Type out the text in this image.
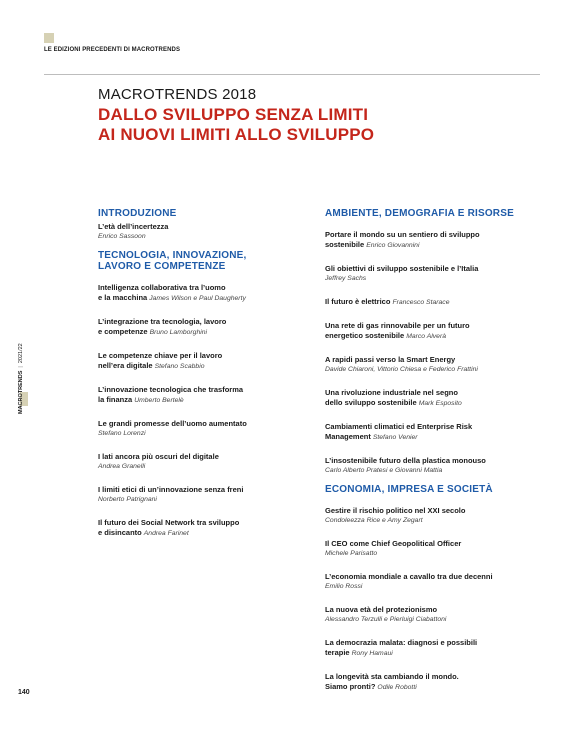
LE EDIZIONI PRECEDENTI DI MACROTRENDS
MACROTRENDS 2018
DALLO SVILUPPO SENZA LIMITI
AI NUOVI LIMITI ALLO SVILUPPO
MACROTRENDS|2021/22
140
INTRODUZIONE
L’età dell’incertezza
Enrico Sassoon
TECNOLOGIA, INNOVAZIONE,
LAVORO E COMPETENZE
Intelligenza collaborativa tra l’uomo
e la macchina James Wilson e Paul Daugherty
L’integrazione tra tecnologia, lavoro
e competenze Bruno Lamborghini
Le competenze chiave per il lavoro
nell’era digitale Stefano Scabbio
L’innovazione tecnologica che trasforma
la finanza Umberto Bertelè
Le grandi promesse dell’uomo aumentato
Stefano Lorenzi
I lati ancora più oscuri del digitale
Andrea Granelli
I limiti etici di un’innovazione senza freni
Norberto Patrignani
Il futuro dei Social Network tra sviluppo
e disincanto Andrea Farinet
AMBIENTE, DEMOGRAFIA E RISORSE
Portare il mondo su un sentiero di sviluppo
sostenibile Enrico Giovannini
Gli obiettivi di sviluppo sostenibile e l’Italia
Jeffrey Sachs
Il futuro è elettrico Francesco Starace
Una rete di gas rinnovabile per un futuro
energetico sostenibile Marco Alverà
A rapidi passi verso la Smart Energy
Davide Chiaroni, Vittorio Chiesa e Federico Frattini
Una rivoluzione industriale nel segno
dello sviluppo sostenibile Mark Esposito
Cambiamenti climatici ed Enterprise Risk
Management Stefano Venier
L’insostenibile futuro della plastica monouso
Carlo Alberto Pratesi e Giovanni Mattia
ECONOMIA, IMPRESA E SOCIETÀ
Gestire il rischio politico nel XXI secolo
Condoleezza Rice e Amy Zegart
Il CEO come Chief Geopolitical Officer
Michele Parisatto
L’economia mondiale a cavallo tra due decenni
Emilio Rossi
La nuova età del protezionismo
Alessandro Terzulli e Pierluigi Ciabattoni
La democrazia malata: diagnosi e possibili
terapie Rony Hamaui
La longevità sta cambiando il mondo.
Siamo pronti? Odile Robotti
